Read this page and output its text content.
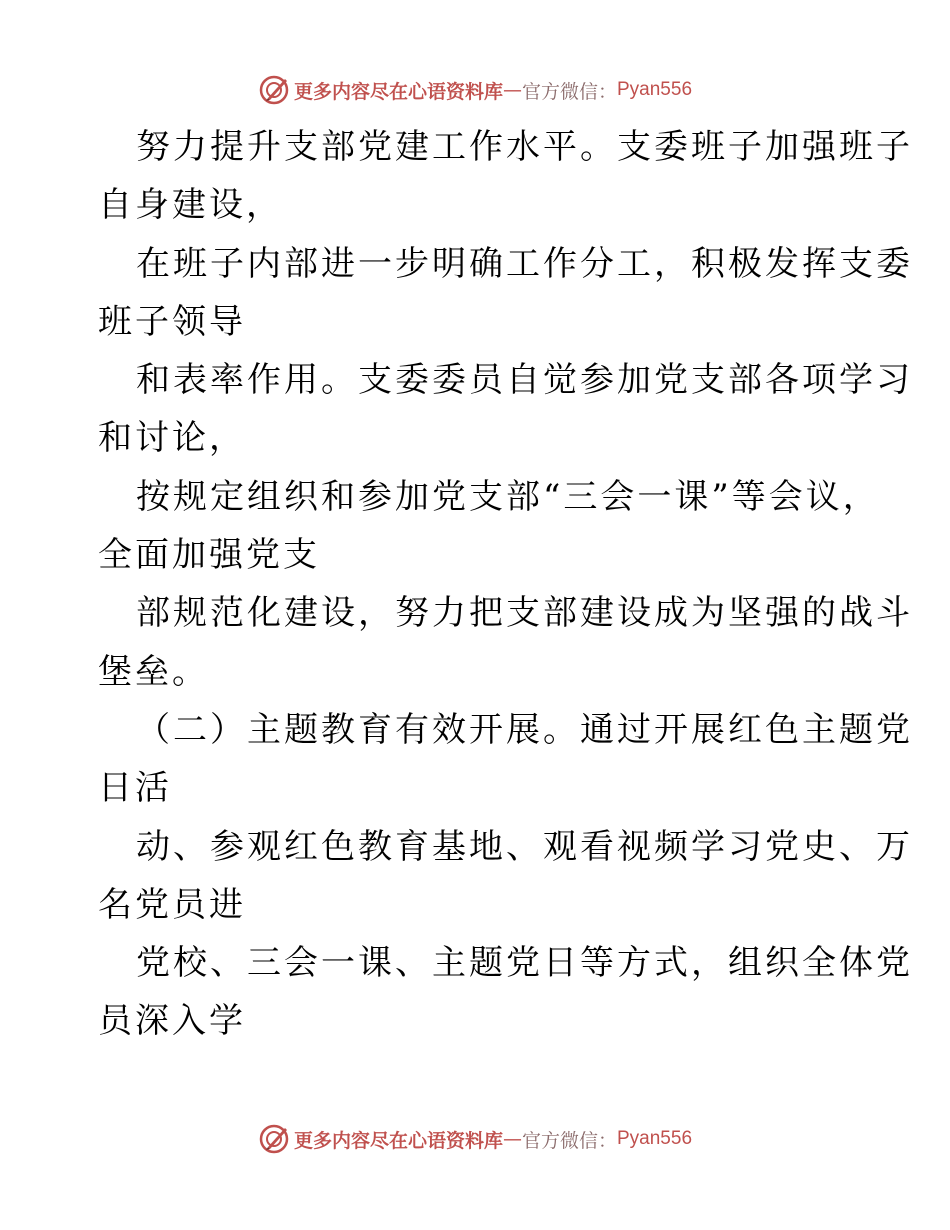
更多内容尽在心语资料库 — 官方微信： Pyan556
努力提升支部党建工作水平。支委班子加强班子
自身建设，
在班子内部进一步明确工作分工，积极发挥支委
班子领导
和表率作用。支委委员自觉参加党支部各项学习
和讨论，
按规定组织和参加党支部“三会一课”等会议，
全面加强党支
部规范化建设，努力把支部建设成为坚强的战斗
堡垒。
（二）主题教育有效开展。通过开展红色主题党
日活
动、参观红色教育基地、观看视频学习党史、万
名党员进
党校、三会一课、主题党日等方式，组织全体党
员深入学
更多内容尽在心语资料库 — 官方微信： Pyan556
